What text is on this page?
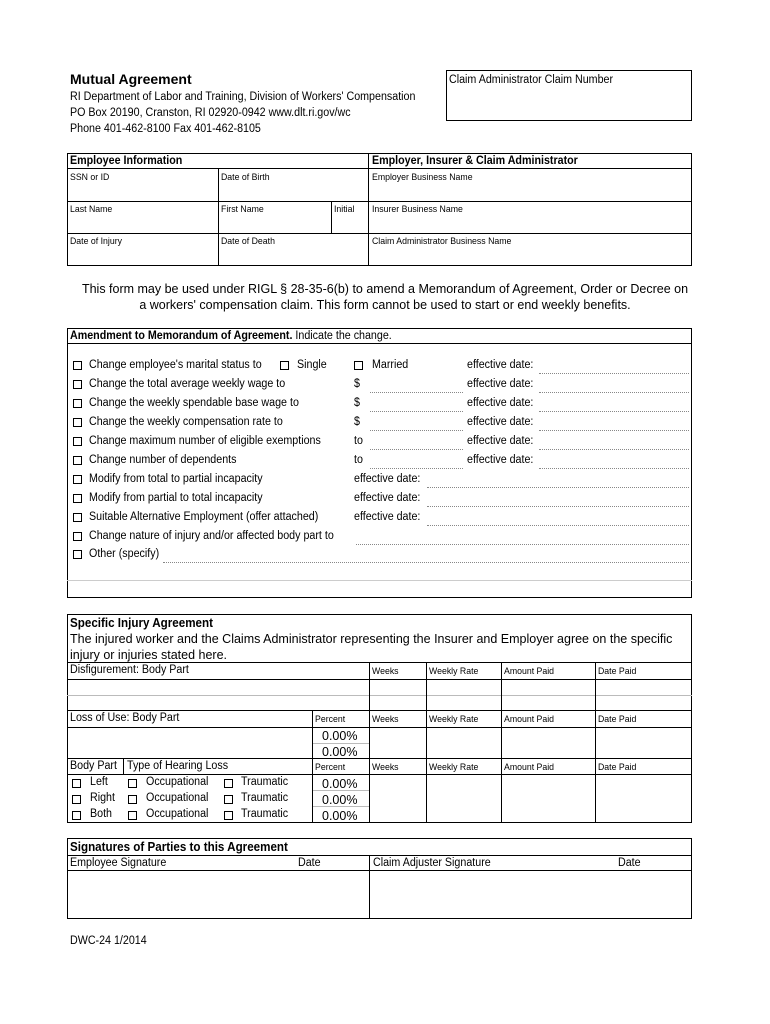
Mutual Agreement
RI Department of Labor and Training, Division of Workers' Compensation
PO Box 20190, Cranston, RI 02920-0942 www.dlt.ri.gov/wc
Phone 401-462-8100 Fax 401-462-8105
Claim Administrator Claim Number
Employee Information	Employer, Insurer & Claim Administrator
SSN or ID	Date of Birth	Employer Business Name
Last Name	First Name	Initial Insurer Business Name
Date of Injury	Date of Death	Claim Administrator Business Name
This form may be used under RIGL § 28-35-6(b) to amend a Memorandum of Agreement, Order or Decree on
a workers' compensation claim. This form cannot be used to start or end weekly benefits.
Amendment to Memorandum of Agreement. Indicate the change.
Change employee's marital status to	Single	Married	effective date:
Change the total average weekly wage to	$	effective date:
Change the weekly spendable base wage to	$	effective date:
Change the weekly compensation rate to	$	effective date:
Change maximum number of eligible exemptions	to	effective date:
Change number of dependents	to	effective date:
Modify from total to partial incapacity	effective date:
Modify from partial to total incapacity	effective date:
Suitable Alternative Employment (offer attached)	effective date:
Change nature of injury and/or affected body part to
Other (specify)
Specific Injury Agreement
The injured worker and the Claims Administrator representing the Insurer and Employer agree on the specific
injury or injuries stated here.
Disfigurement: Body Part	Weeks	Weekly Rate	Amount Paid	Date Paid
Loss of Use: Body Part	Percent	Weeks	Weekly Rate	Amount Paid	Date Paid
0.00%
0.00%
Body Part Type of Hearing Loss	Percent	Weeks	Weekly Rate	Amount Paid	Date Paid
Left	Occupational	Traumatic	0.00%
Right	Occupational	Traumatic	0.00%
Both	Occupational	Traumatic	0.00%
Signatures of Parties to this Agreement
Employee Signature	Date	Claim Adjuster Signature	Date
DWC-24 1/2014
